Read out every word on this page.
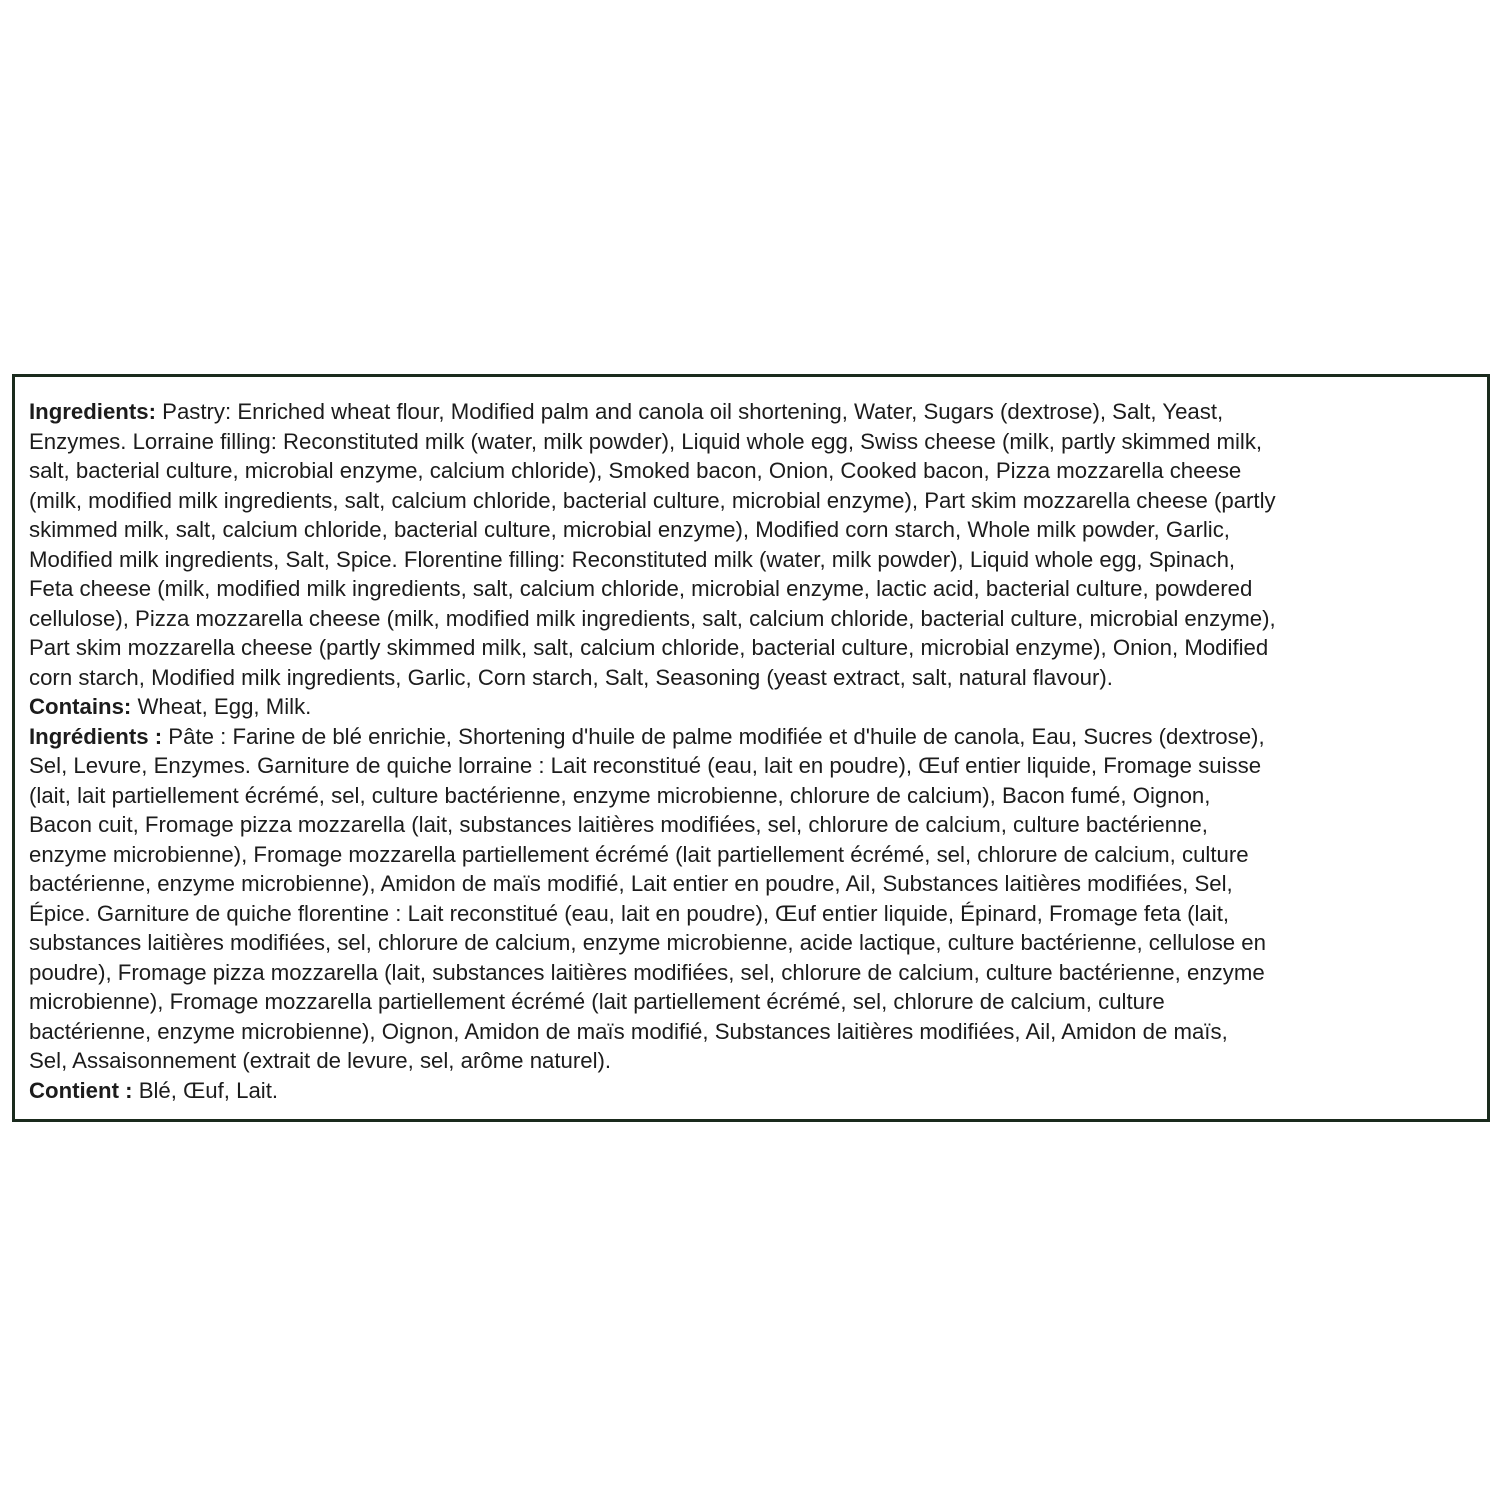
Ingredients: Pastry: Enriched wheat flour, Modified palm and canola oil shortening, Water, Sugars (dextrose), Salt, Yeast,
Enzymes. Lorraine filling: Reconstituted milk (water, milk powder), Liquid whole egg, Swiss cheese (milk, partly skimmed milk,
salt, bacterial culture, microbial enzyme, calcium chloride), Smoked bacon, Onion, Cooked bacon, Pizza mozzarella cheese
(milk, modified milk ingredients, salt, calcium chloride, bacterial culture, microbial enzyme), Part skim mozzarella cheese (partly
skimmed milk, salt, calcium chloride, bacterial culture, microbial enzyme), Modified corn starch, Whole milk powder, Garlic,
Modified milk ingredients, Salt, Spice. Florentine filling: Reconstituted milk (water, milk powder), Liquid whole egg, Spinach,
Feta cheese (milk, modified milk ingredients, salt, calcium chloride, microbial enzyme, lactic acid, bacterial culture, powdered
cellulose), Pizza mozzarella cheese (milk, modified milk ingredients, salt, calcium chloride, bacterial culture, microbial enzyme),
Part skim mozzarella cheese (partly skimmed milk, salt, calcium chloride, bacterial culture, microbial enzyme), Onion, Modified
corn starch, Modified milk ingredients, Garlic, Corn starch, Salt, Seasoning (yeast extract, salt, natural flavour).
Contains: Wheat, Egg, Milk.
Ingrédients : Pâte : Farine de blé enrichie, Shortening d'huile de palme modifiée et d'huile de canola, Eau, Sucres (dextrose),
Sel, Levure, Enzymes. Garniture de quiche lorraine : Lait reconstitué (eau, lait en poudre), Œuf entier liquide, Fromage suisse
(lait, lait partiellement écrémé, sel, culture bactérienne, enzyme microbienne, chlorure de calcium), Bacon fumé, Oignon,
Bacon cuit, Fromage pizza mozzarella (lait, substances laitières modifiées, sel, chlorure de calcium, culture bactérienne,
enzyme microbienne), Fromage mozzarella partiellement écrémé (lait partiellement écrémé, sel, chlorure de calcium, culture
bactérienne, enzyme microbienne), Amidon de maïs modifié, Lait entier en poudre, Ail, Substances laitières modifiées, Sel,
Épice. Garniture de quiche florentine : Lait reconstitué (eau, lait en poudre), Œuf entier liquide, Épinard, Fromage feta (lait,
substances laitières modifiées, sel, chlorure de calcium, enzyme microbienne, acide lactique, culture bactérienne, cellulose en
poudre), Fromage pizza mozzarella (lait, substances laitières modifiées, sel, chlorure de calcium, culture bactérienne, enzyme
microbienne), Fromage mozzarella partiellement écrémé (lait partiellement écrémé, sel, chlorure de calcium, culture
bactérienne, enzyme microbienne), Oignon, Amidon de maïs modifié, Substances laitières modifiées, Ail, Amidon de maïs,
Sel, Assaisonnement (extrait de levure, sel, arôme naturel).
Contient : Blé, Œuf, Lait.
